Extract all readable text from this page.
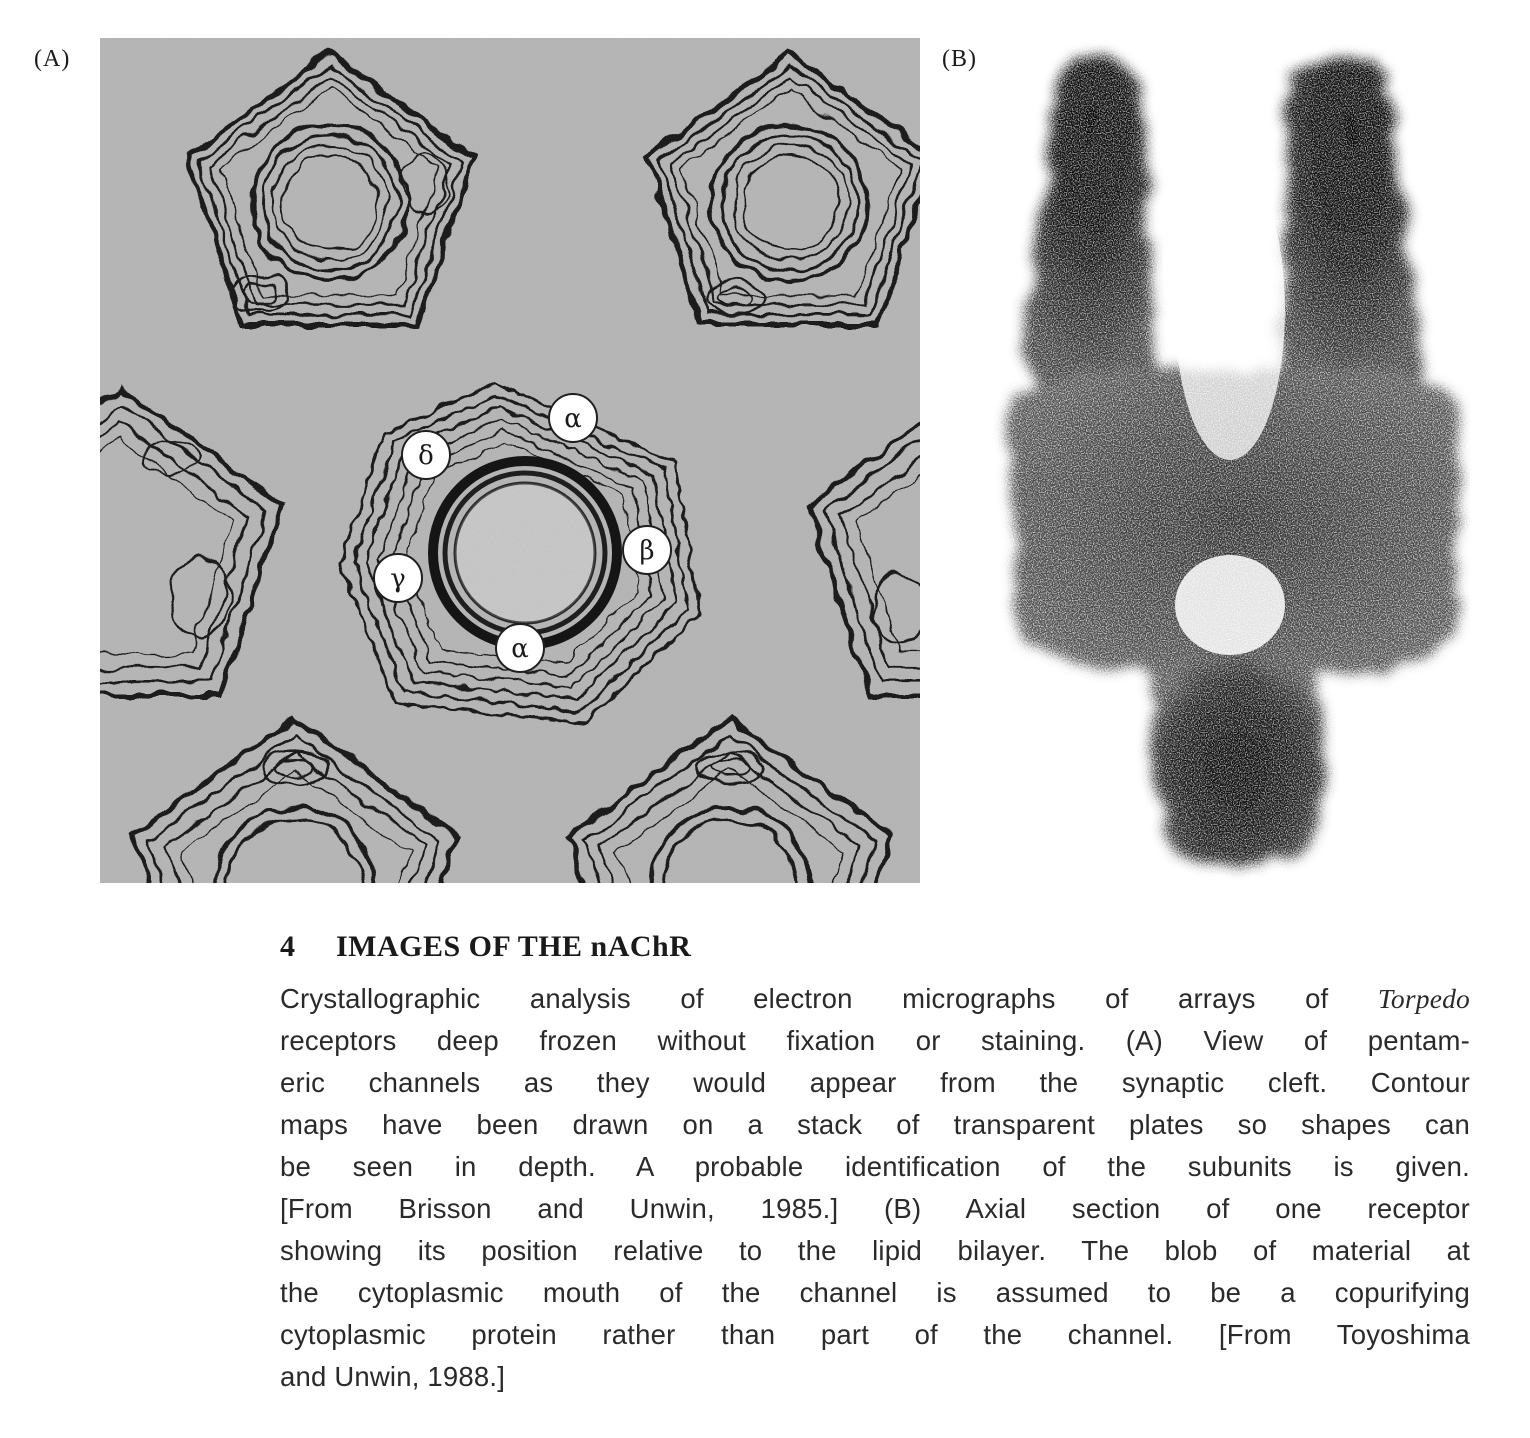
(A)	(B)
α
δ
β
γ
α
4 IMAGES OF THE nAChR
Crystallographic analysis of electron micrographs of arrays of Torpedo
receptors deep frozen without fixation or staining. (A) View of pentam-
eric channels as they would appear from the synaptic cleft. Contour
maps have been drawn on a stack of transparent plates so shapes can
be seen in depth. A probable identification of the subunits is given.
[From Brisson and Unwin, 1985.] (B) Axial section of one receptor
showing its position relative to the lipid bilayer. The blob of material at
the cytoplasmic mouth of the channel is assumed to be a copurifying
cytoplasmic protein rather than part of the channel. [From Toyoshima
and Unwin, 1988.]
